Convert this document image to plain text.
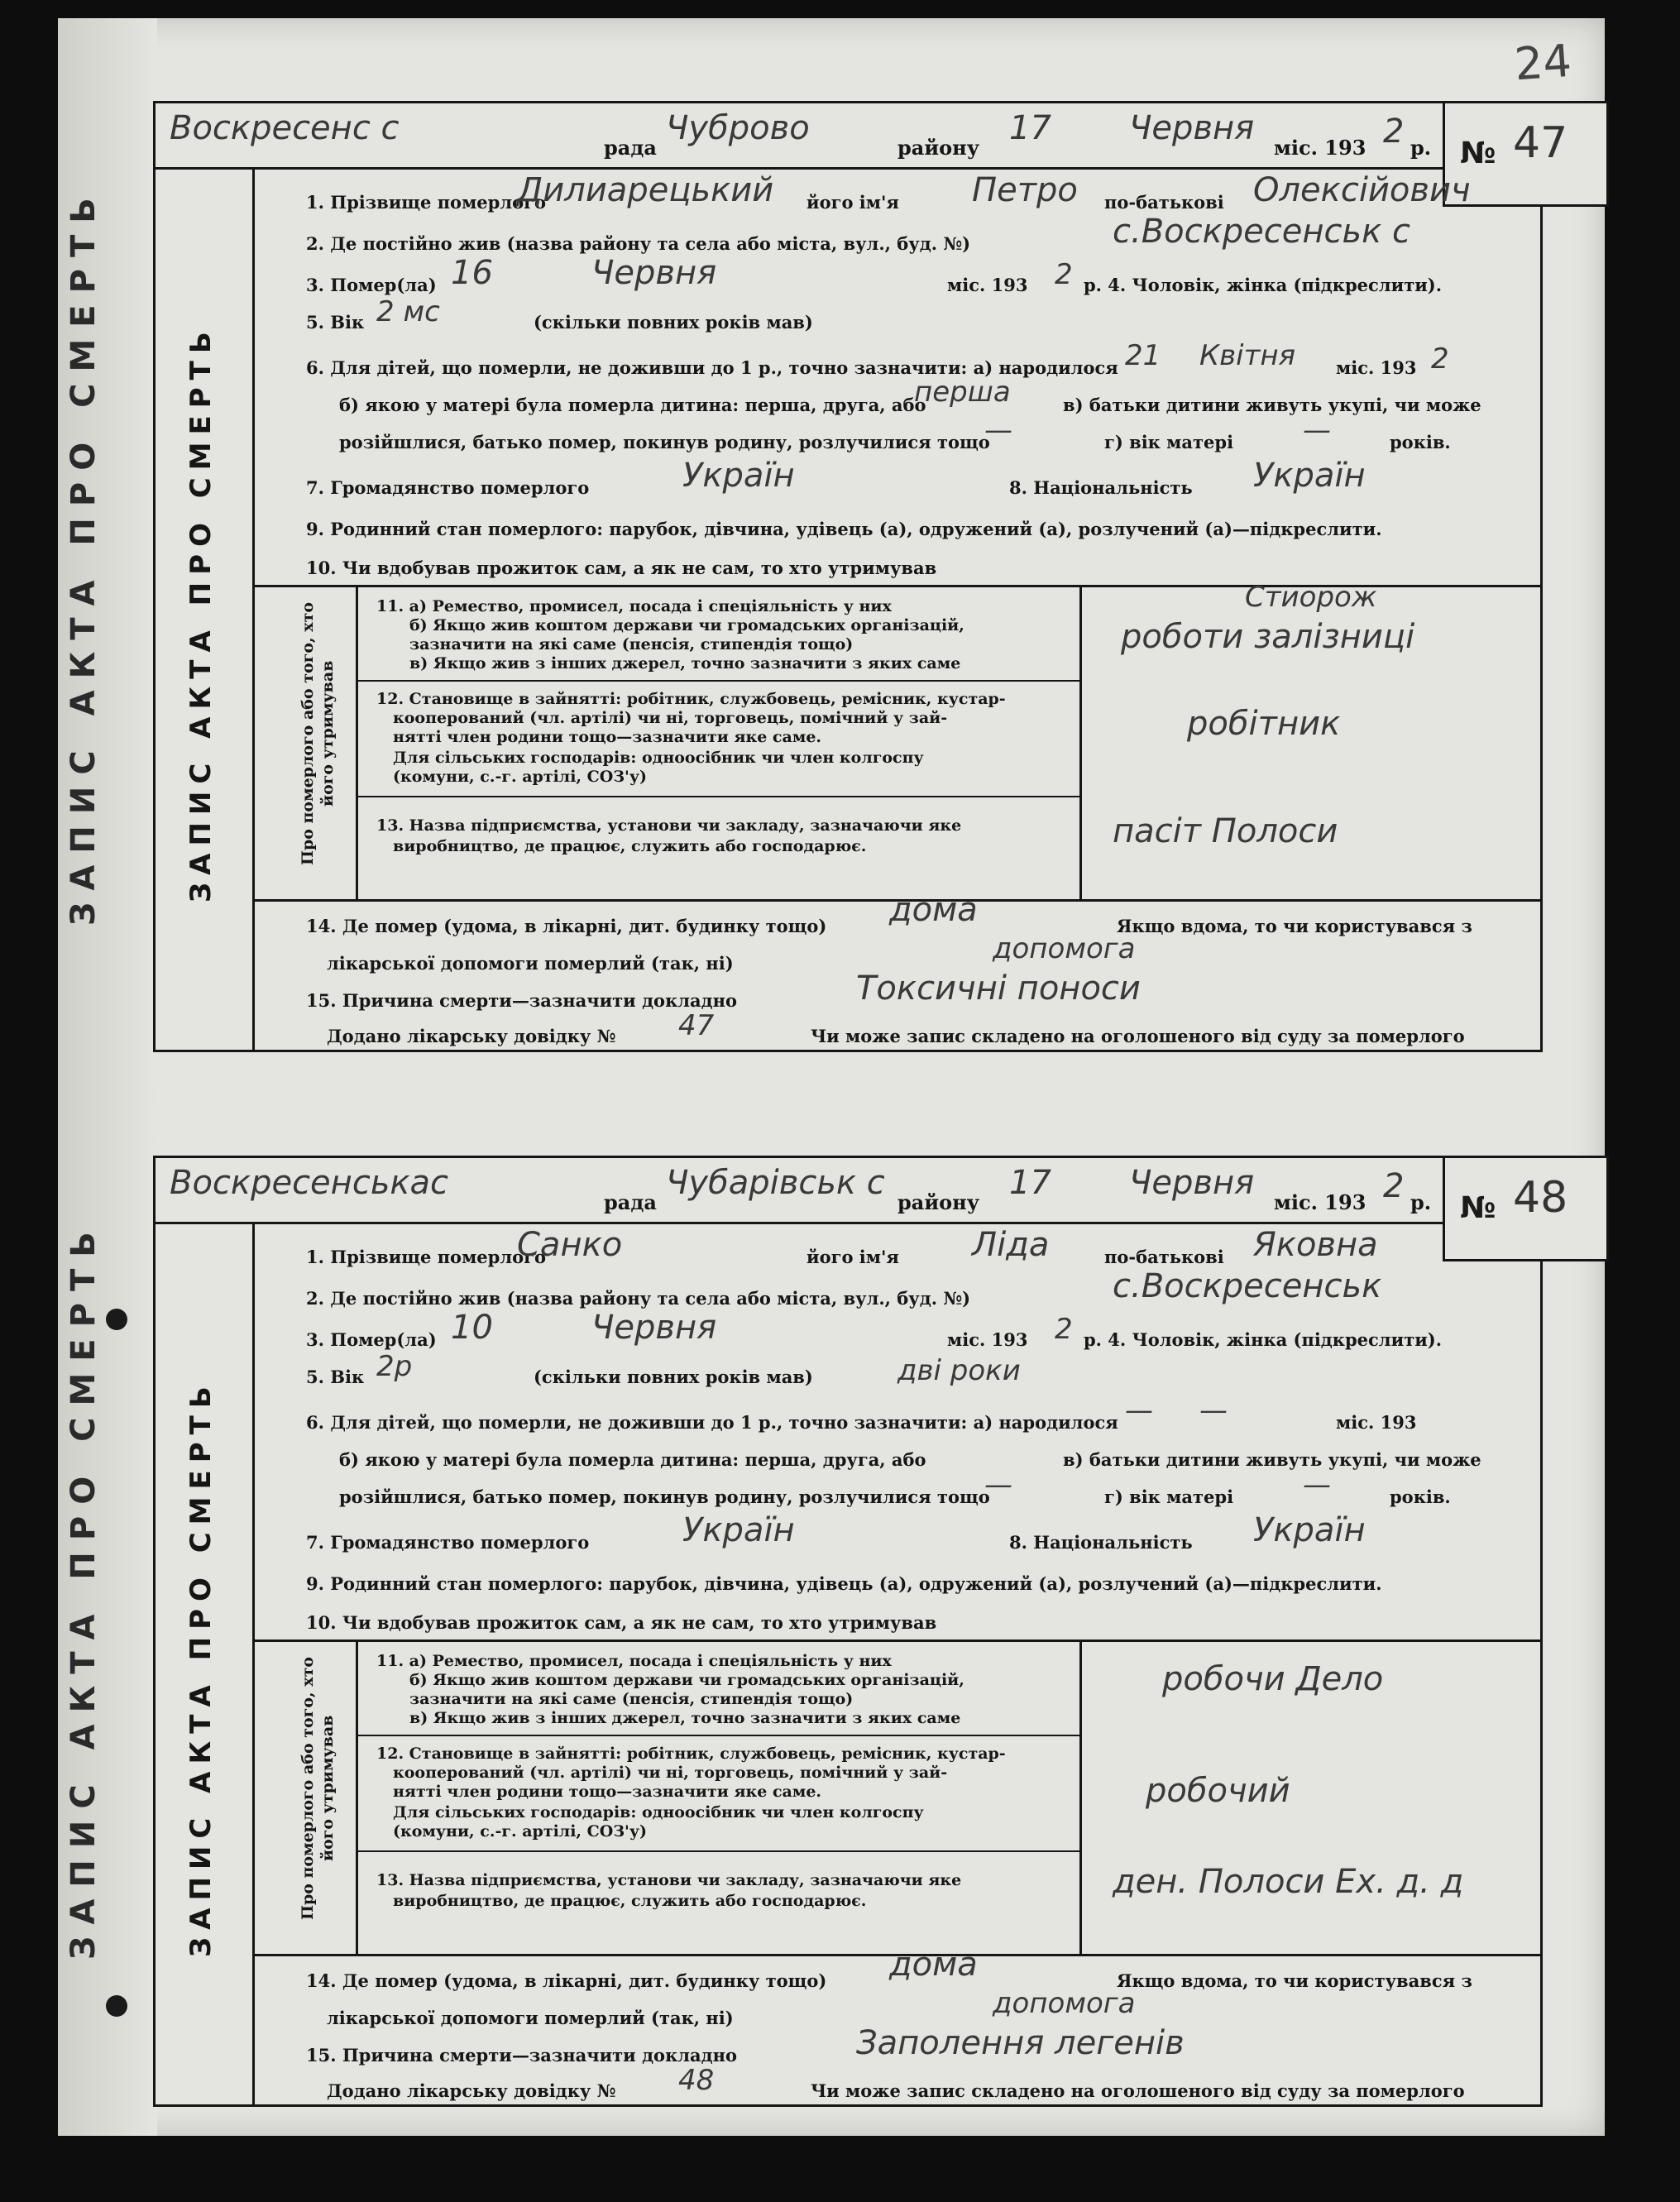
ЗАПИС АКТА ПРО СМЕРТЬ
ЗАПИС АКТА ПРО СМЕРТЬ
24
Воскресенс с
рада
Чуброво
району
17 Червня
міс. 193 2 р. № 47
ЗАПИС АКТА ПРО СМЕРТЬ
1. Прізвище померлого
Дилиарецький його ім'я Петро по-батькові Олексійович
2. Де постійно жив (назва району та села або міста, вул., буд. №)	с.Воскресенськ с
3. Помер(ла) 16	Червня	міс. 193 2 р. 4. Чоловік, жінка (підкреслити).
5. Вік 2 мс	(скільки повних років мав)
6. Для дітей, що померли, не доживши до 1 р., точно зазначити: а) народилося 21 Квітня міс. 193 2
б) якою у матері була померла дитина: перша, друга, або
перша	в) батьки дитини живуть укупі, чи може
розійшлися, батько помер, покинув родину, розлучилися тощо
—	г) вік матері —	років.
7. Громадянство померлого	Україн	8. Національність Україн
9. Родинний стан померлого: парубок, дівчина, удівець (а), одружений (а), розлучений (а)—підкреслити.
10. Чи вдобував прожиток сам, а як не сам, то хто утримував
Про померлого або того, хто його утримував
11. а) Ремество, промисел, посада і спеціяльність у них
б) Якщо жив коштом держави чи громадських організацій,
зазначити на які саме (пенсія, стипендія тощо)
в) Якщо жив з інших джерел, точно зазначити з яких саме
Стиорож
роботи залізниці
12. Становище в зайнятті: робітник, службовець, ремісник, кустар-
кооперований (чл. артілі) чи ні, торговець, помічний у зай-
нятті член родини тощо—зазначити яке саме.
Для сільських господарів: одноосібник чи член колгоспу
(комуни, с.-г. артілі, СОЗ'у)
робітник
13. Назва підприємства, установи чи закладу, зазначаючи яке
виробництво, де працює, служить або господарює.	пасіт Полоси
14. Де помер (удома, в лікарні, дит. будинку тощо) дома	Якщо вдома, то чи користувався з
лікарської допомоги померлий (так, ні)	допомога
15. Причина смерти—зазначити докладно	Токсичні поноси
Додано лікарську довідку № 47	Чи може запис складено на оголошеного від суду за померлого
Воскресенськас
рада
Чубарівськ с
району
17 Червня
міс. 193 2 р. № 48
ЗАПИС АКТА ПРО СМЕРТЬ
1. Прізвище померлого
Санко	його ім'я Ліда	по-батькові Яковна
2. Де постійно жив (назва району та села або міста, вул., буд. №)	с.Воскресенськ
3. Помер(ла) 10	Червня	міс. 193 2 р. 4. Чоловік, жінка (підкреслити).
5. Вік 2р	(скільки повних років мав)	дві роки
6. Для дітей, що померли, не доживши до 1 р., точно зазначити: а) народилося — —	міс. 193
б) якою у матері була померла дитина: перша, друга, або	в) батьки дитини живуть укупі, чи може
розійшлися, батько помер, покинув родину, розлучилися тощо
—	г) вік матері —	років.
7. Громадянство померлого	Україн	8. Національність Україн
9. Родинний стан померлого: парубок, дівчина, удівець (а), одружений (а), розлучений (а)—підкреслити.
10. Чи вдобував прожиток сам, а як не сам, то хто утримував
Про померлого або того, хто його утримував
11. а) Ремество, промисел, посада і спеціяльність у них
б) Якщо жив коштом держави чи громадських організацій,
зазначити на які саме (пенсія, стипендія тощо)
в) Якщо жив з інших джерел, точно зазначити з яких саме
робочи Дело
12. Становище в зайнятті: робітник, службовець, ремісник, кустар-
кооперований (чл. артілі) чи ні, торговець, помічний у зай-
нятті член родини тощо—зазначити яке саме.
Для сільських господарів: одноосібник чи член колгоспу
(комуни, с.-г. артілі, СОЗ'у)
робочий
13. Назва підприємства, установи чи закладу, зазначаючи яке
виробництво, де працює, служить або господарює.	ден. Полоси Ех. д. д
14. Де помер (удома, в лікарні, дит. будинку тощо) дома	Якщо вдома, то чи користувався з
лікарської допомоги померлий (так, ні)	допомога
15. Причина смерти—зазначити докладно	Заполення легенів
Додано лікарську довідку № 48	Чи може запис складено на оголошеного від суду за померлого
